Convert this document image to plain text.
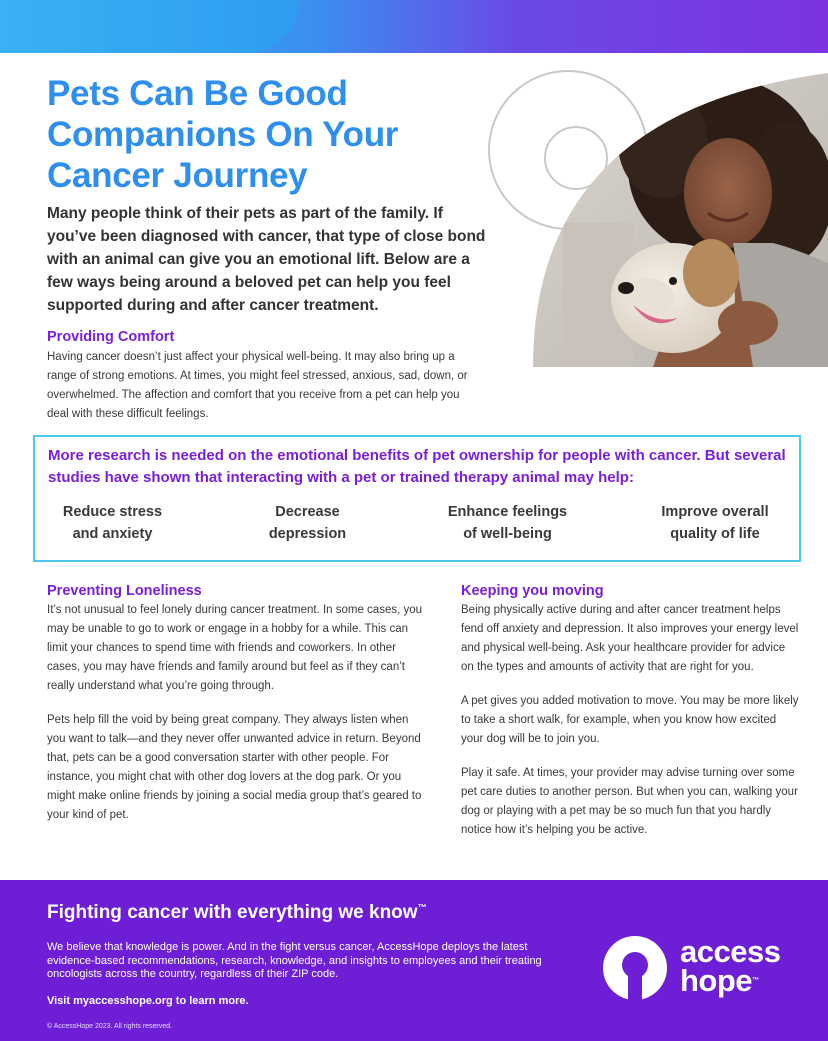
Pets Can Be Good Companions On Your Cancer Journey

Many people think of their pets as part of the family. If you’ve been diagnosed with cancer, that type of close bond with an animal can give you an emotional lift. Below are a few ways being around a beloved pet can help you feel supported during and after cancer treatment.

Providing Comfort

Having cancer doesn’t just affect your physical well-being. It may also bring up a range of strong emotions. At times, you might feel stressed, anxious, sad, down, or overwhelmed. The affection and comfort that you receive from a pet can help you deal with these difficult feelings.

More research is needed on the emotional benefits of pet ownership for people with cancer. But several studies have shown that interacting with a pet or trained therapy animal may help:

Reduce stress
and anxiety
Decrease
depression
Enhance feelings
of well-being
Improve overall
quality of life
Preventing Loneliness

It’s not unusual to feel lonely during cancer treatment. In some cases, you may be unable to go to work or engage in a hobby for a while. This can limit your chances to spend time with friends and coworkers. In other cases, you may have friends and family around but feel as if they can’t really understand what you’re going through.

Pets help fill the void by being great company. They always listen when you want to talk—and they never offer unwanted advice in return. Beyond that, pets can be a good conversation starter with other people. For instance, you might chat with other dog lovers at the dog park. Or you might make online friends by joining a social media group that’s geared to your kind of pet.

Keeping you moving

Being physically active during and after cancer treatment helps fend off anxiety and depression. It also improves your energy level and physical well-being. Ask your healthcare provider for advice on the types and amounts of activity that are right for you.

A pet gives you added motivation to move. You may be more likely to take a short walk, for example, when you know how excited your dog will be to join you.

Play it safe. At times, your provider may advise turning over some pet care duties to another person. But when you can, walking your dog or playing with a pet may be so much fun that you hardly notice how it’s helping you be active.

Fighting cancer with everything we know™

We believe that knowledge is power. And in the fight versus cancer, AccessHope deploys the latest evidence-based recommendations, research, knowledge, and insights to employees and their treating oncologists across the country, regardless of their ZIP code.

Visit myaccesshope.org to learn more.

© AccessHope 2023. All rights reserved.

access
hope™
